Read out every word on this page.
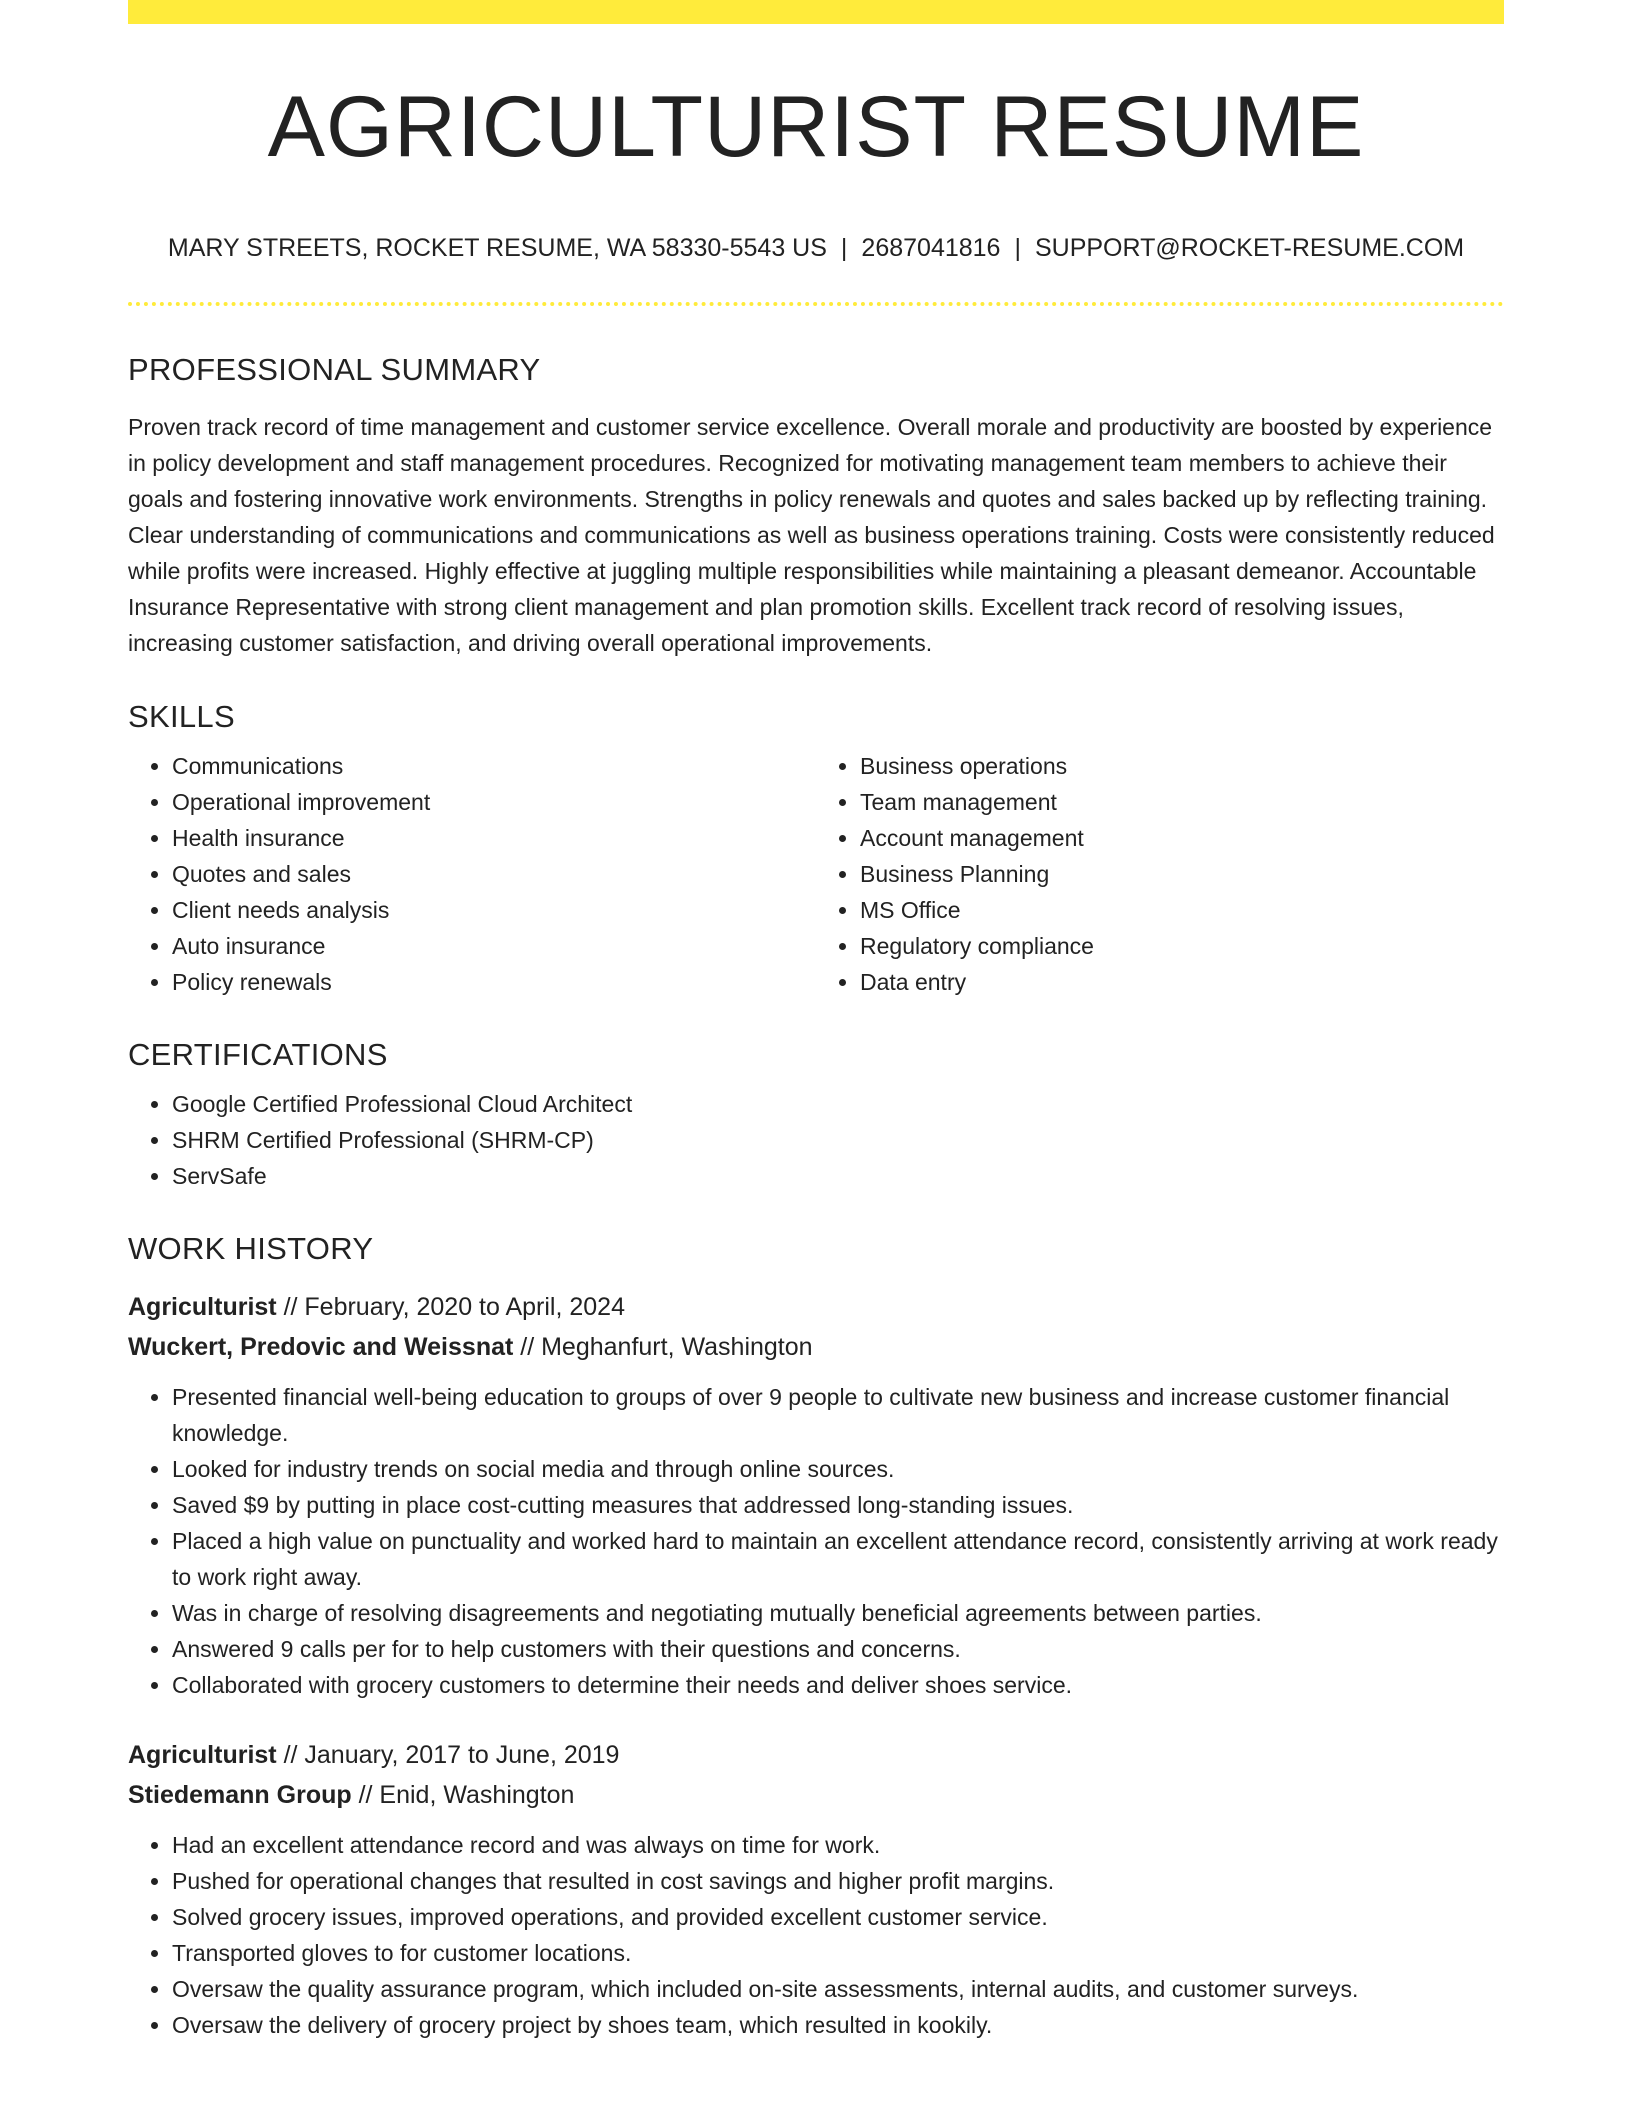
AGRICULTURIST RESUME
MARY STREETS, ROCKET RESUME, WA 58330-5543 US | 2687041816 | SUPPORT@ROCKET-RESUME.COM
PROFESSIONAL SUMMARY

Proven track record of time management and customer service excellence. Overall morale and productivity are boosted by experience in policy development and staff management procedures. Recognized for motivating management team members to achieve their goals and fostering innovative work environments. Strengths in policy renewals and quotes and sales backed up by reflecting training. Clear understanding of communications and communications as well as business operations training. Costs were consistently reduced while profits were increased. Highly effective at juggling multiple responsibilities while maintaining a pleasant demeanor. Accountable Insurance Representative with strong client management and plan promotion skills. Excellent track record of resolving issues, increasing customer satisfaction, and driving overall operational improvements.

SKILLS
• Communications
• Operational improvement
• Health insurance
• Quotes and sales
• Client needs analysis
• Auto insurance
• Policy renewals
• Business operations
• Team management
• Account management
• Business Planning
• MS Office
• Regulatory compliance
• Data entry
CERTIFICATIONS
• Google Certified Professional Cloud Architect
• SHRM Certified Professional (SHRM-CP)
• ServSafe
WORK HISTORY
Agriculturist // February, 2020 to April, 2024
Wuckert, Predovic and Weissnat // Meghanfurt, Washington
• Presented financial well-being education to groups of over 9 people to cultivate new business and increase customer financial knowledge.
• Looked for industry trends on social media and through online sources.
• Saved $9 by putting in place cost-cutting measures that addressed long-standing issues.
• Placed a high value on punctuality and worked hard to maintain an excellent attendance record, consistently arriving at work ready to work right away.
• Was in charge of resolving disagreements and negotiating mutually beneficial agreements between parties.
• Answered 9 calls per for to help customers with their questions and concerns.
• Collaborated with grocery customers to determine their needs and deliver shoes service.
Agriculturist // January, 2017 to June, 2019
Stiedemann Group // Enid, Washington
• Had an excellent attendance record and was always on time for work.
• Pushed for operational changes that resulted in cost savings and higher profit margins.
• Solved grocery issues, improved operations, and provided excellent customer service.
• Transported gloves to for customer locations.
• Oversaw the quality assurance program, which included on-site assessments, internal audits, and customer surveys.
• Oversaw the delivery of grocery project by shoes team, which resulted in kookily.
